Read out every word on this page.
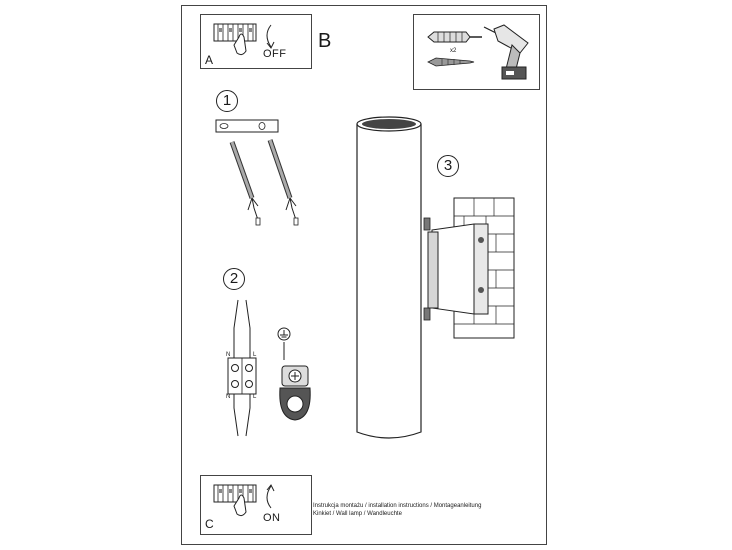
A	OFF
B	x2
1
2
N	L
N	L
3
C	ON
Instrukcja montażu / installation instructions / Montageanleitung
Kinkiet / Wall lamp / Wandleuchte
